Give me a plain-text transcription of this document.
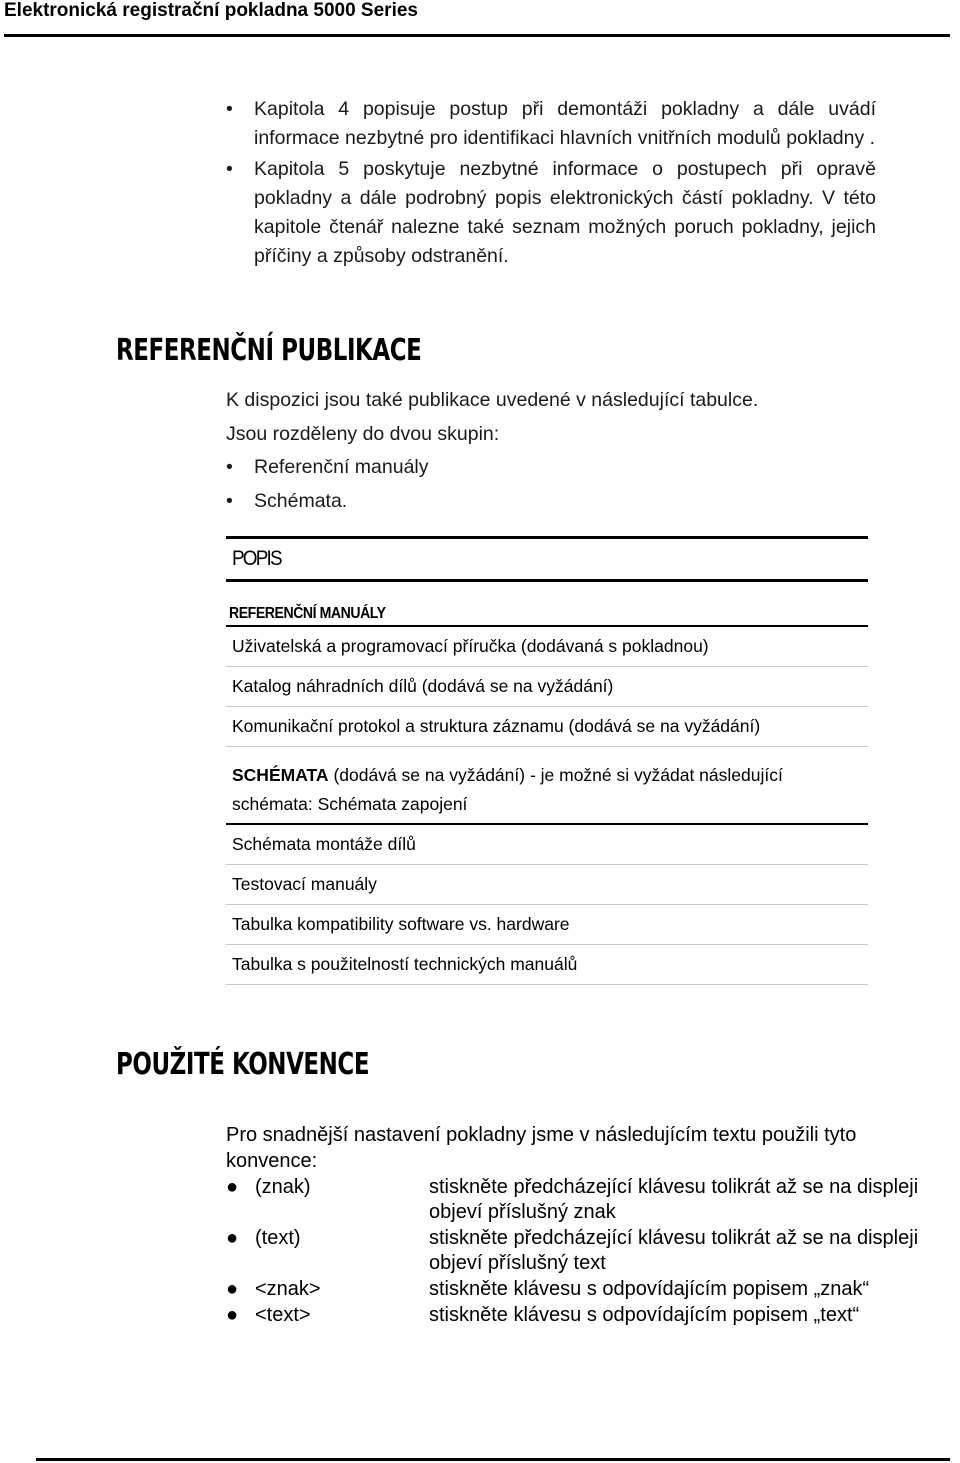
Elektronická registrační pokladna 5000 Series
• Kapitola 4 popisuje postup při demontáži pokladny a dále uvádí informace nezbytné pro identifikaci hlavních vnitřních modulů pokladny .
• Kapitola 5 poskytuje nezbytné informace o postupech při opravě pokladny a dále podrobný popis elektronických částí pokladny. V této kapitole čtenář nalezne také seznam možných poruch pokladny, jejich příčiny a způsoby odstranění.
REFERENČNÍ PUBLIKACE
K dispozici jsou také publikace uvedené v následující tabulce.
Jsou rozděleny do dvou skupin:
• Referenční manuály
• Schémata.
POPIS
REFERENČNÍ MANUÁLY
Uživatelská a programovací příručka (dodávaná s pokladnou)
Katalog náhradních dílů (dodává se na vyžádání)
Komunikační protokol a struktura záznamu (dodává se na vyžádání)
SCHÉMATA (dodává se na vyžádání) - je možné si vyžádat následující
schémata: Schémata zapojení
Schémata montáže dílů
Testovací manuály
Tabulka kompatibility software vs. hardware
Tabulka s použitelností technických manuálů
POUŽITÉ KONVENCE
Pro snadnější nastavení pokladny jsme v následujícím textu použili tyto konvence:
● (znak)	stiskněte předcházející klávesu tolikrát až se na displeji objeví příslušný znak
● (text)	stiskněte předcházející klávesu tolikrát až se na displeji objeví příslušný text
● <znak>	stiskněte klávesu s odpovídajícím popisem „znak“
● <text>	stiskněte klávesu s odpovídajícím popisem „text“
